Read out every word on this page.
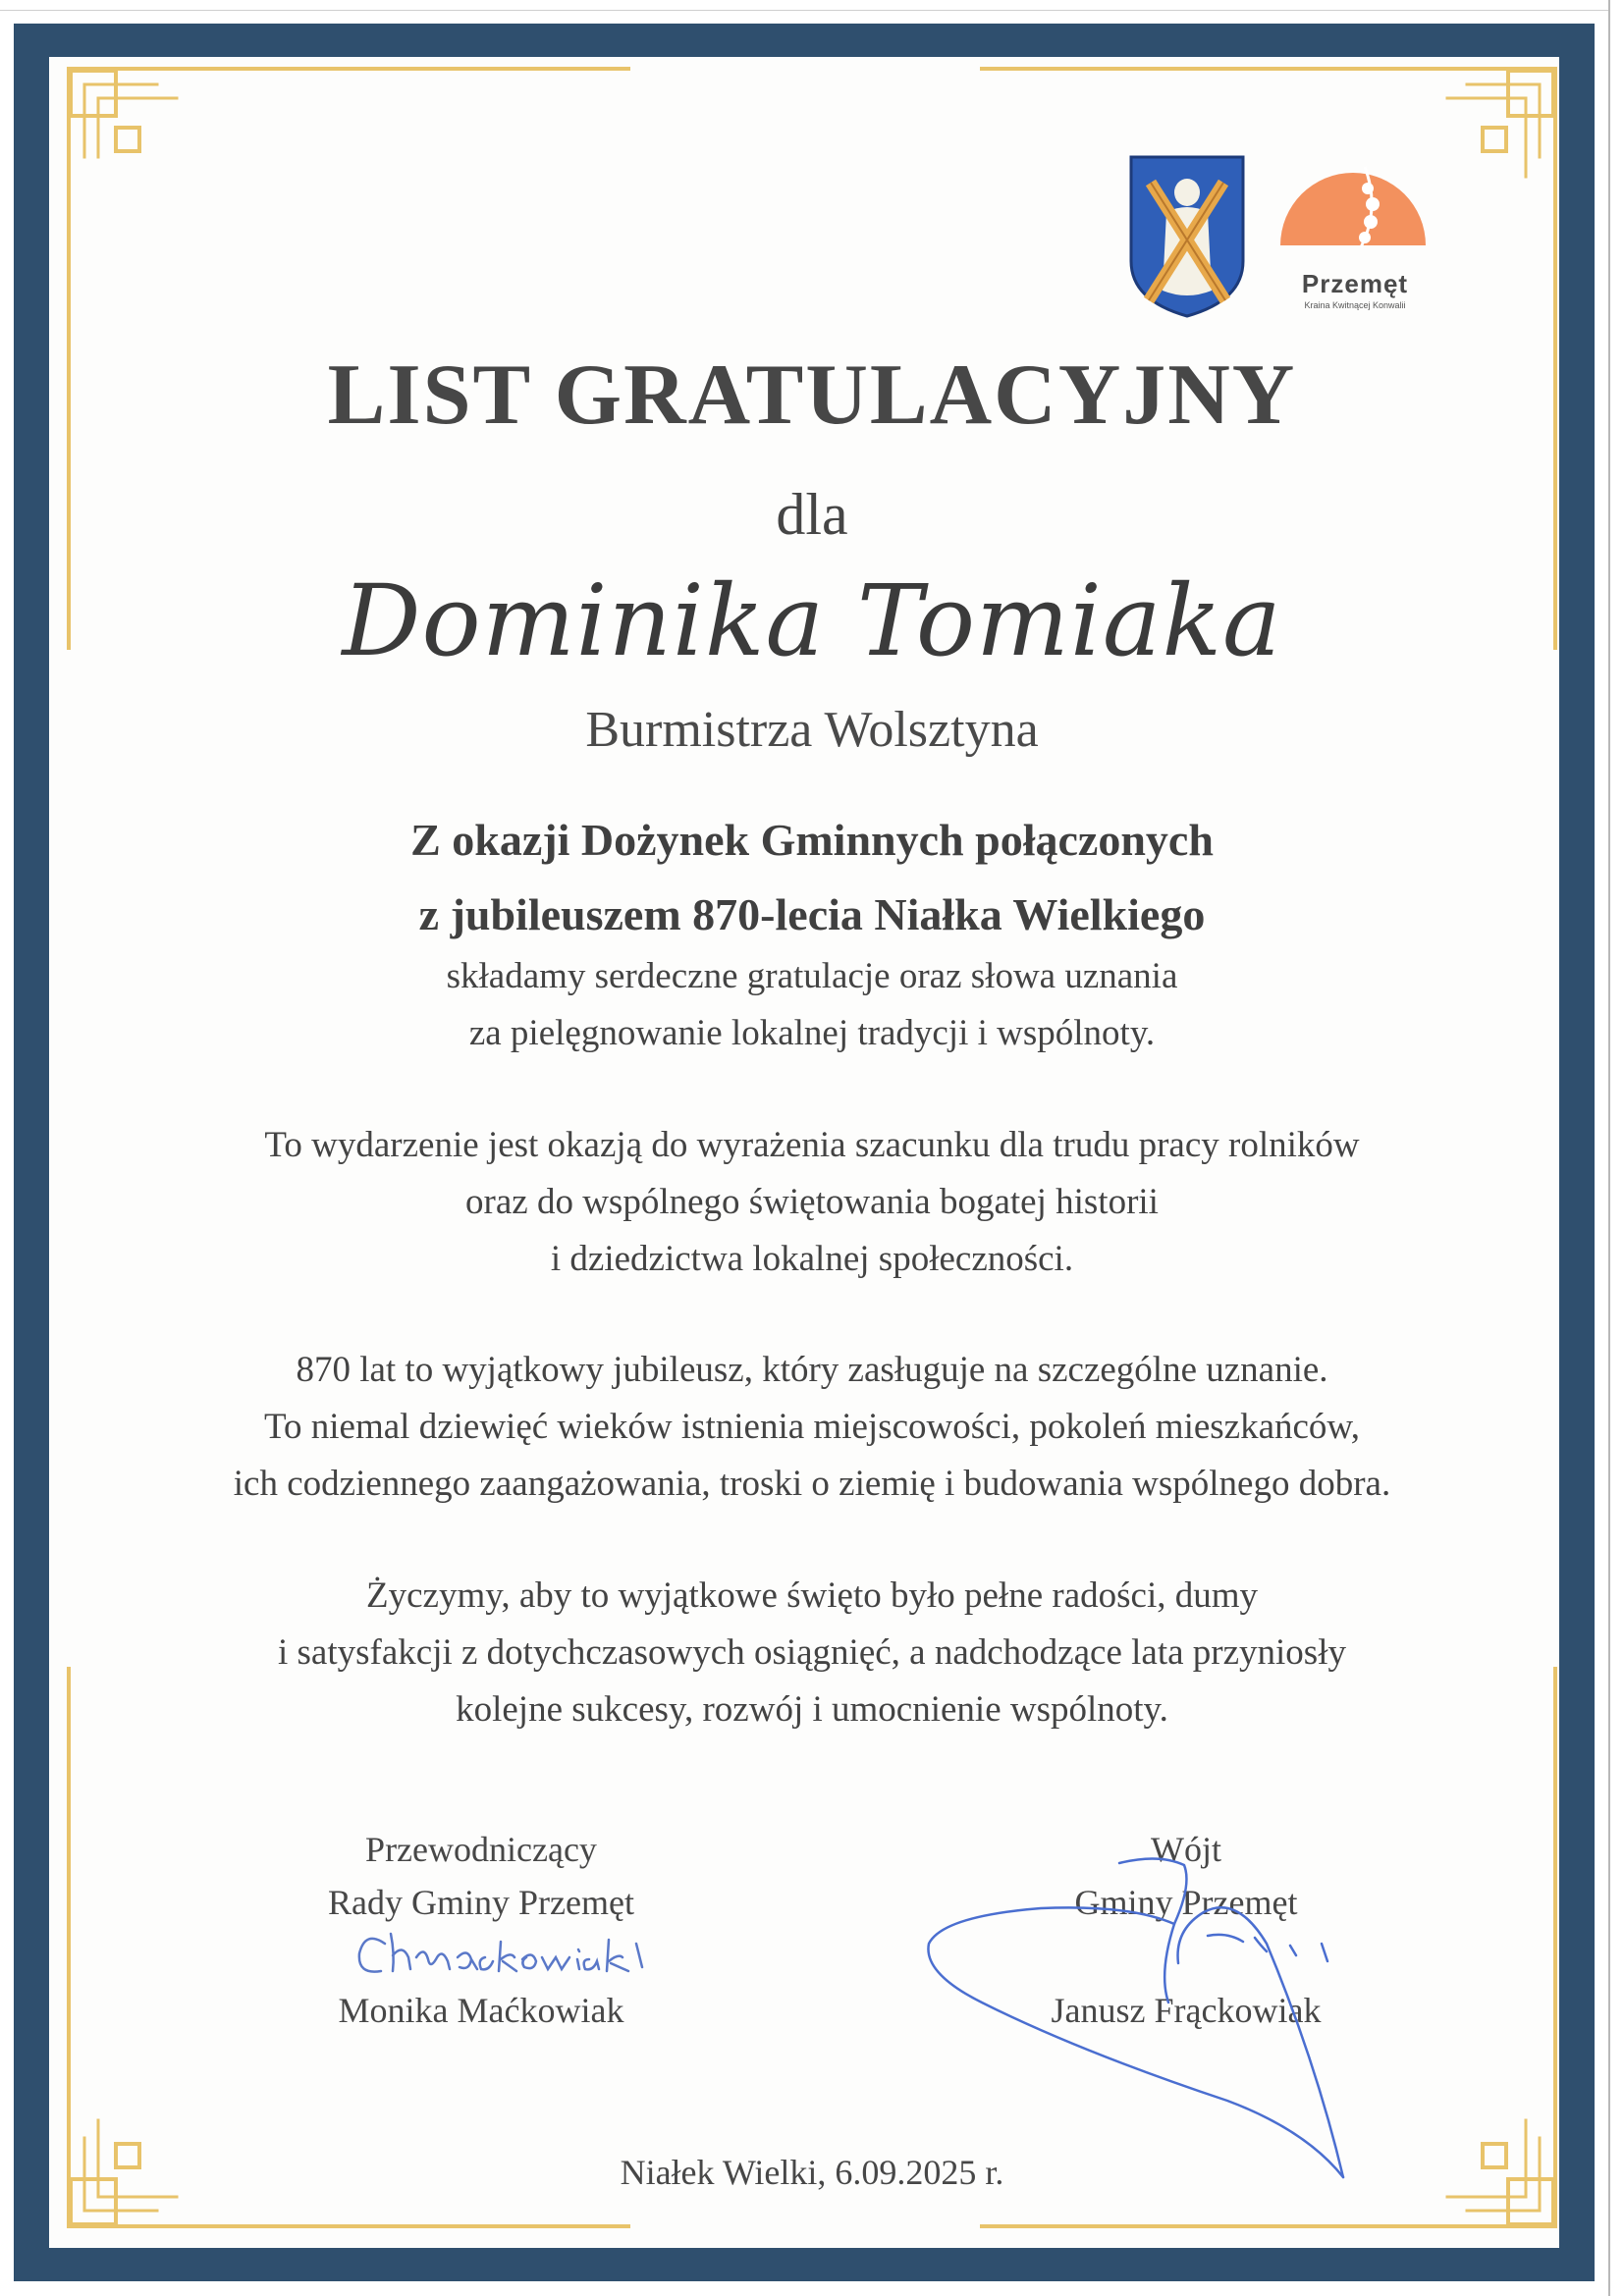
Przemęt
Kraina Kwitnącej Konwalii
LIST GRATULACYJNY
dla
Dominika Tomiaka
Burmistrza Wolsztyna
Z okazji Dożynek Gminnych połączonych
z jubileuszem 870-lecia Niałka Wielkiego
składamy serdeczne gratulacje oraz słowa uznania
za pielęgnowanie lokalnej tradycji i wspólnoty.
To wydarzenie jest okazją do wyrażenia szacunku dla trudu pracy rolników
oraz do wspólnego świętowania bogatej historii
i dziedzictwa lokalnej społeczności.
870 lat to wyjątkowy jubileusz, który zasługuje na szczególne uznanie.
To niemal dziewięć wieków istnienia miejscowości, pokoleń mieszkańców,
ich codziennego zaangażowania, troski o ziemię i budowania wspólnego dobra.
Życzymy, aby to wyjątkowe święto było pełne radości, dumy
i satysfakcji z dotychczasowych osiągnięć, a nadchodzące lata przyniosły
kolejne sukcesy, rozwój i umocnienie wspólnoty.
Przewodniczący
Rady Gminy Przemęt
Monika Maćkowiak
Wójt
Gminy Przemęt
Janusz Frąckowiak
Niałek Wielki, 6.09.2025 r.
